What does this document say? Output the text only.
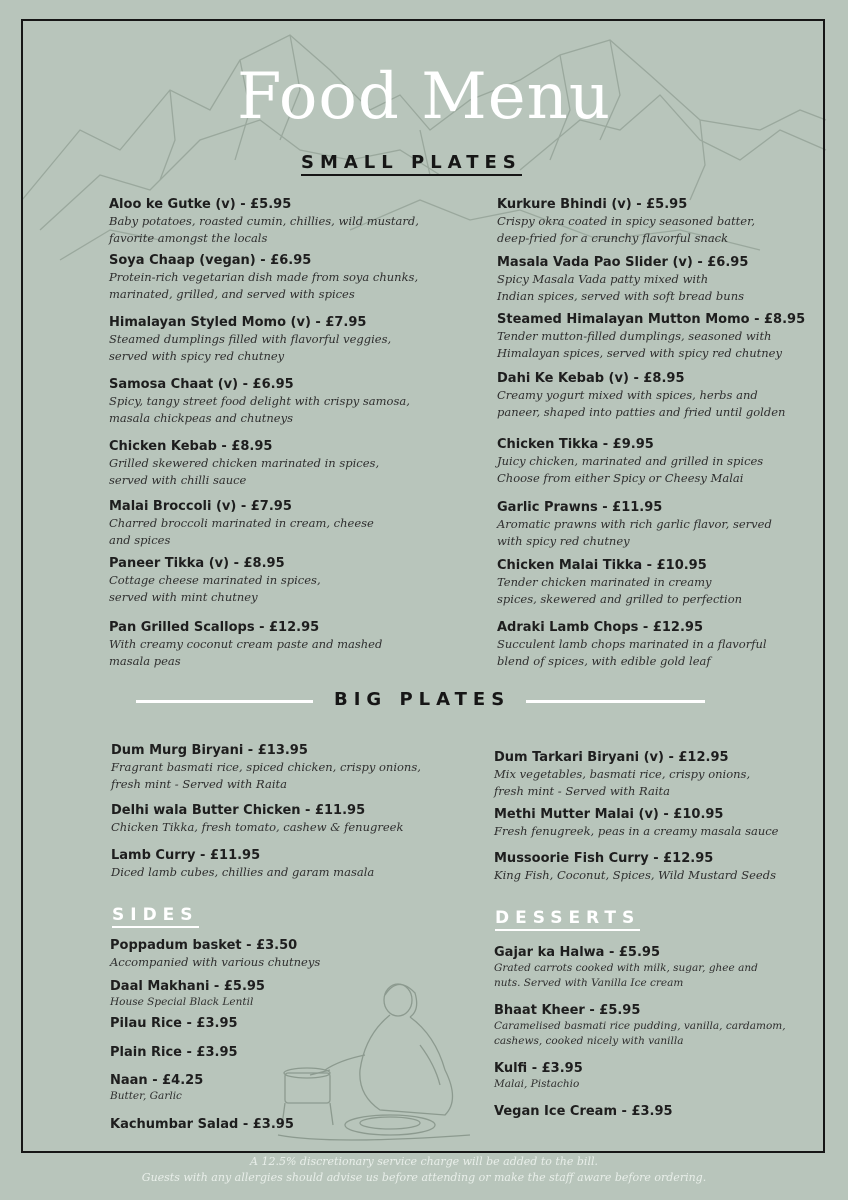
Food Menu
SMALL PLATES
Aloo ke Gutke (v) - £5.95
Baby potatoes, roasted cumin, chillies, wild mustard,
favorite amongst the locals
Soya Chaap (vegan) - £6.95
Protein-rich vegetarian dish made from soya chunks,
marinated, grilled, and served with spices
Himalayan Styled Momo (v) - £7.95
Steamed dumplings filled with flavorful veggies,
served with spicy red chutney
Samosa Chaat (v) - £6.95
Spicy, tangy street food delight with crispy samosa,
masala chickpeas and chutneys
Chicken Kebab - £8.95
Grilled skewered chicken marinated in spices,
served with chilli sauce
Malai Broccoli (v) - £7.95
Charred broccoli marinated in cream, cheese
and spices
Paneer Tikka (v) - £8.95
Cottage cheese marinated in spices,
served with mint chutney
Pan Grilled Scallops - £12.95
With creamy coconut cream paste and mashed
masala peas
Kurkure Bhindi (v) - £5.95
Crispy okra coated in spicy seasoned batter,
deep-fried for a crunchy flavorful snack
Masala Vada Pao Slider (v) - £6.95
Spicy Masala Vada patty mixed with
Indian spices, served with soft bread buns
Steamed Himalayan Mutton Momo - £8.95
Tender mutton-filled dumplings, seasoned with
Himalayan spices, served with spicy red chutney
Dahi Ke Kebab (v) - £8.95
Creamy yogurt mixed with spices, herbs and
paneer, shaped into patties and fried until golden
Chicken Tikka - £9.95
Juicy chicken, marinated and grilled in spices
Choose from either Spicy or Cheesy Malai
Garlic Prawns - £11.95
Aromatic prawns with rich garlic flavor, served
with spicy red chutney
Chicken Malai Tikka - £10.95
Tender chicken marinated in creamy
spices, skewered and grilled to perfection
Adraki Lamb Chops - £12.95
Succulent lamb chops marinated in a flavorful
blend of spices, with edible gold leaf
BIG PLATES
Dum Murg Biryani - £13.95
Fragrant basmati rice, spiced chicken, crispy onions,
fresh mint - Served with Raita
Delhi wala Butter Chicken - £11.95
Chicken Tikka, fresh tomato, cashew & fenugreek
Lamb Curry - £11.95
Diced lamb cubes, chillies and garam masala
Dum Tarkari Biryani (v) - £12.95
Mix vegetables, basmati rice, crispy onions,
fresh mint - Served with Raita
Methi Mutter Malai (v) - £10.95
Fresh fenugreek, peas in a creamy masala sauce
Mussoorie Fish Curry - £12.95
King Fish, Coconut, Spices, Wild Mustard Seeds
SIDES
Poppadum basket - £3.50
Accompanied with various chutneys
Daal Makhani - £5.95
House Special Black Lentil
Pilau Rice - £3.95
Plain Rice - £3.95
Naan - £4.25
Butter, Garlic
Kachumbar Salad - £3.95
DESSERTS
Gajar ka Halwa - £5.95
Grated carrots cooked with milk, sugar, ghee and
nuts. Served with Vanilla Ice cream
Bhaat Kheer - £5.95
Caramelised basmati rice pudding, vanilla, cardamom,
cashews, cooked nicely with vanilla
Kulfi - £3.95
Malai, Pistachio
Vegan Ice Cream - £3.95
A 12.5% discretionary service charge will be added to the bill.
Guests with any allergies should advise us before attending or make the staff aware before ordering.
